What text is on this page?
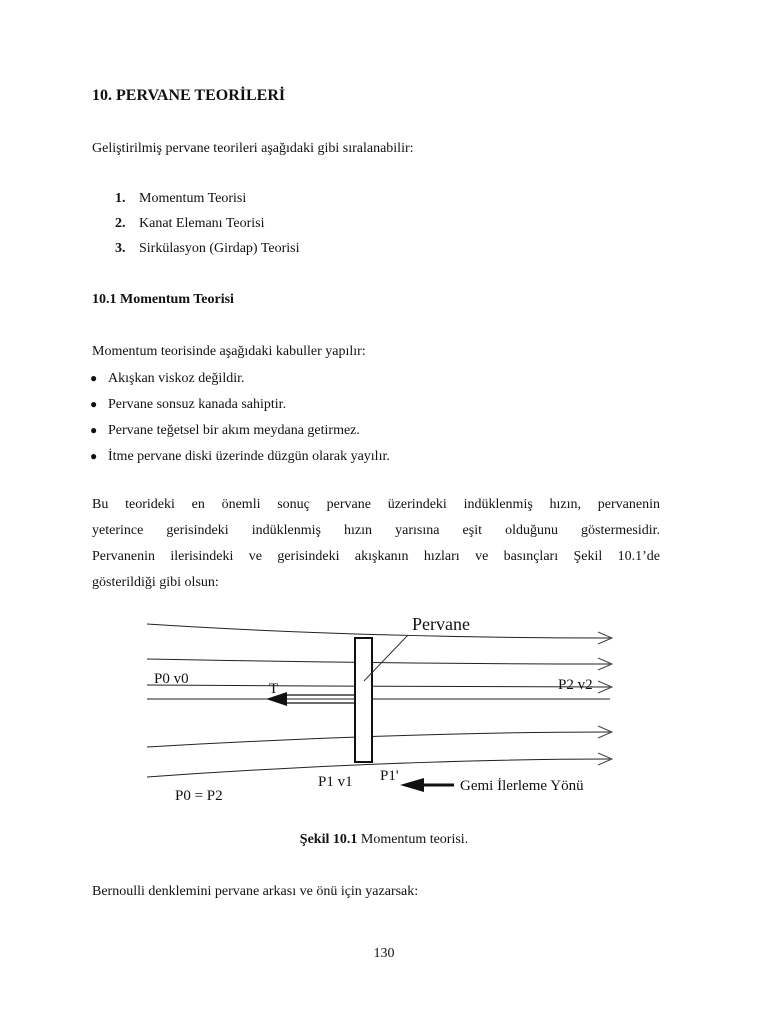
10. PERVANE TEORİLERİ
Geliştirilmiş pervane teorileri aşağıdaki gibi sıralanabilir:
1. Momentum Teorisi
2. Kanat Elemanı Teorisi
3. Sirkülasyon (Girdap) Teorisi
10.1 Momentum Teorisi
Momentum teorisinde aşağıdaki kabuller yapılır:
● Akışkan viskoz değildir.
● Pervane sonsuz kanada sahiptir.
● Pervane teğetsel bir akım meydana getirmez.
● İtme pervane diski üzerinde düzgün olarak yayılır.
Bu teorideki en önemli sonuç pervane üzerindeki indüklenmiş hızın, pervanenin
yeterince gerisindeki indüklenmiş hızın yarısına eşit olduğunu göstermesidir.
Pervanenin ilerisindeki ve gerisindeki akışkanın hızları ve basınçları Şekil 10.1’de
gösterildiği gibi olsun:
Pervane
T
P0 v0	P2 v2
P1 v1 P1'
P0 = P2
Gemi İlerleme Yönü
Şekil 10.1 Momentum teorisi.
Bernoulli denklemini pervane arkası ve önü için yazarsak:
130
